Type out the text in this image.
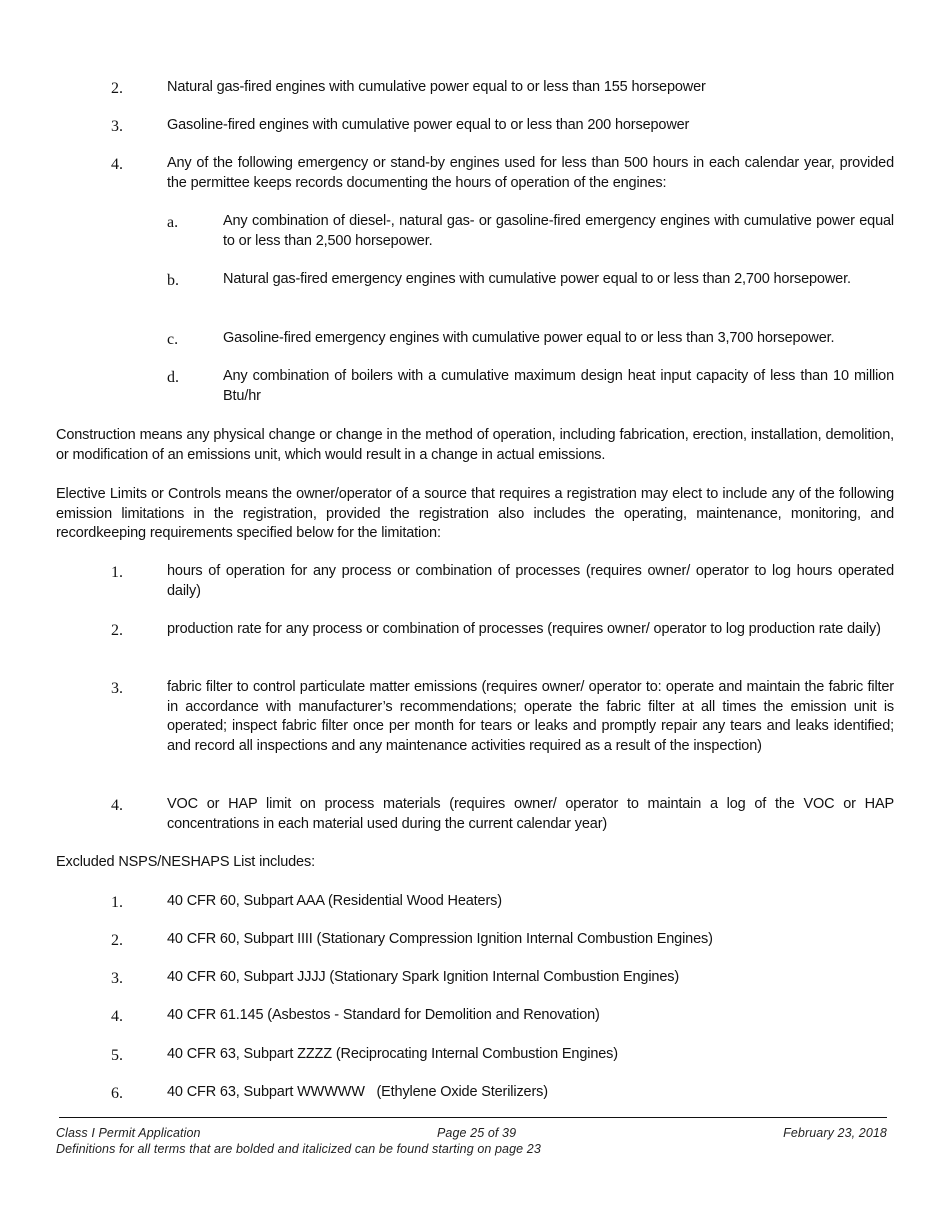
2.	Natural gas-fired engines with cumulative power equal to or less than 155 horsepower
3.	Gasoline-fired engines with cumulative power equal to or less than 200 horsepower
4.	Any of the following emergency or stand-by engines used for less than 500 hours in each calendar year, provided the permittee keeps records documenting the hours of operation of the engines:
a.	Any combination of diesel-, natural gas- or gasoline-fired emergency engines with cumulative power equal to or less than 2,500 horsepower.
b.	Natural gas-fired emergency engines with cumulative power equal to or less than 2,700 horsepower.
c.	Gasoline-fired emergency engines with cumulative power equal to or less than 3,700 horsepower.
d.	Any combination of boilers with a cumulative maximum design heat input capacity of less than 10 million Btu/hr
Construction means any physical change or change in the method of operation, including fabrication, erection, installation, demolition, or modification of an emissions unit, which would result in a change in actual emissions.
Elective Limits or Controls means the owner/operator of a source that requires a registration may elect to include any of the following emission limitations in the registration, provided the registration also includes the operating, maintenance, monitoring, and recordkeeping requirements specified below for the limitation:
1.	hours of operation for any process or combination of processes (requires owner/ operator to log hours operated daily)
2.	production rate for any process or combination of processes (requires owner/ operator to log production rate daily)
3.	fabric filter to control particulate matter emissions (requires owner/ operator to: operate and maintain the fabric filter in accordance with manufacturer’s recommendations; operate the fabric filter at all times the emission unit is operated; inspect fabric filter once per month for tears or leaks and promptly repair any tears and leaks identified; and record all inspections and any maintenance activities required as a result of the inspection)
4.	VOC or HAP limit on process materials (requires owner/ operator to maintain a log of the VOC or HAP concentrations in each material used during the current calendar year)
Excluded NSPS/NESHAPS List includes:
1.	40 CFR 60, Subpart AAA (Residential Wood Heaters)
2.	40 CFR 60, Subpart IIII (Stationary Compression Ignition Internal Combustion Engines)
3.	40 CFR 60, Subpart JJJJ (Stationary Spark Ignition Internal Combustion Engines)
4.	40 CFR 61.145 (Asbestos - Standard for Demolition and Renovation)
5.	40 CFR 63, Subpart ZZZZ (Reciprocating Internal Combustion Engines)
6.	40 CFR 63, Subpart WWWWW   (Ethylene Oxide Sterilizers)
Class I Permit Application	Page 25 of 39	February 23, 2018
Definitions for all terms that are bolded and italicized can be found starting on page 23
